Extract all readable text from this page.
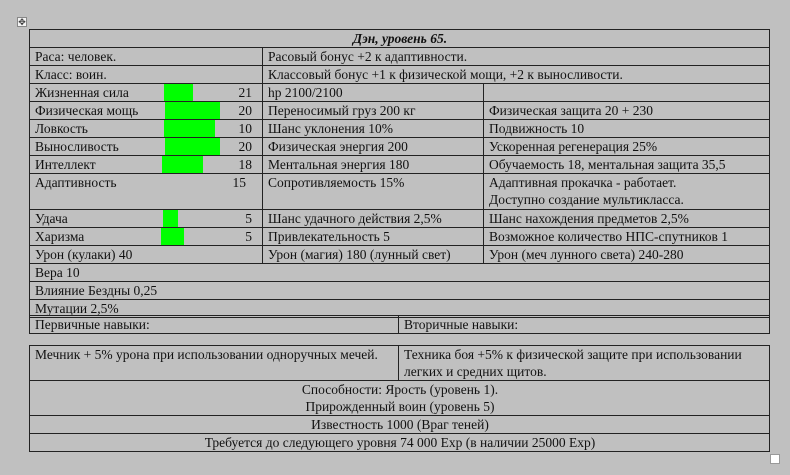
✥
Дэн, уровень 65.		
Раса: человек.	Расовый бонус +2 к адаптивности.	
Класс: воин.	Классовый бонус +1 к физической мощи, +2 к выносливости.	

Жизненная сила 21	hp 2100/2100	

Физическая мощь 20	Переносимый груз 200 кг	Физическая защита 20 + 230

Ловкость 10	Шанс уклонения 10%	Подвижность 10

Выносливость 20	Физическая энергия 200	Ускоренная регенерация 25%

Интеллект 18	Ментальная энергия 180	Обучаемость 18, ментальная защита 35,5
Адаптивность	15	Сопротивляемость 15%	Адаптивная прокачка - работает.
Доступно создание мультикласса.

Удача 5	Шанс удачного действия 2,5%	Шанс нахождения предметов 2,5%

Харизма 5	Привлекательность 5	Возможное количество НПС-спутников 1
Урон (кулаки) 40	Урон (магия) 180 (лунный свет)	Урон (меч лунного света) 240-280
Вера 10		
Влияние Бездны 0,25		
Мутации 2,5%		
Первичные навыки:	Вторичные навыки:
Мечник + 5% урона при использовании одноручных мечей.	Техника боя +5% к физической защите при использовании легких и средних щитов.

Способности: Ярость (уровень 1).
Прирожденный воин (уровень 5)

Известность 1000 (Враг теней)
Требуется до следующего уровня 74 000 Exp (в наличии 25000 Exp)
